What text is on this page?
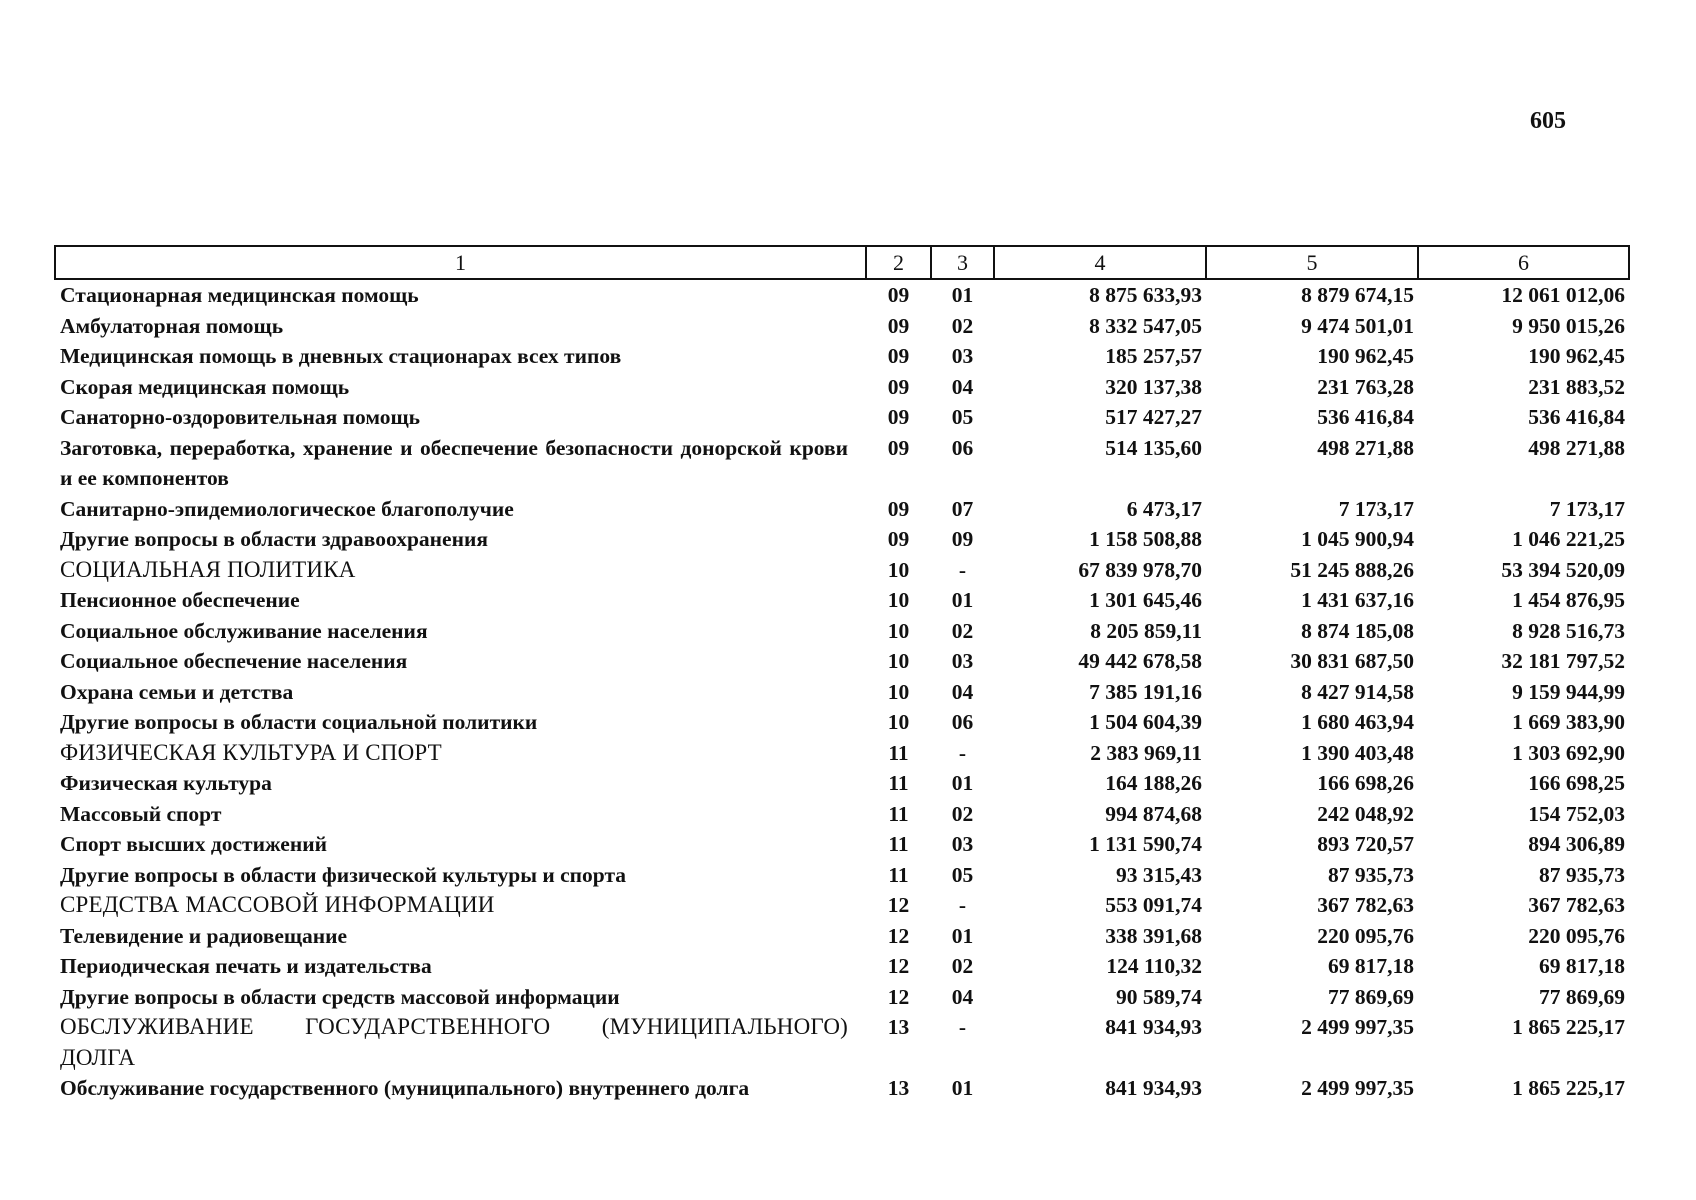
605
1	2	3	4	5	6
Стационарная медицинская помощь	09	01	8 875 633,93	8 879 674,15	12 061 012,06
Амбулаторная помощь	09	02	8 332 547,05	9 474 501,01	9 950 015,26
Медицинская помощь в дневных стационарах всех типов	09	03	185 257,57	190 962,45	190 962,45
Скорая медицинская помощь	09	04	320 137,38	231 763,28	231 883,52
Санаторно-оздоровительная помощь	09	05	517 427,27	536 416,84	536 416,84
Заготовка, переработка, хранение и обеспечение безопасности донорской крови и ее компонентов	09	06	514 135,60	498 271,88	498 271,88
Санитарно-эпидемиологическое благополучие	09	07	6 473,17	7 173,17	7 173,17
Другие вопросы в области здравоохранения	09	09	1 158 508,88	1 045 900,94	1 046 221,25
СОЦИАЛЬНАЯ ПОЛИТИКА	10	-	67 839 978,70	51 245 888,26	53 394 520,09
Пенсионное обеспечение	10	01	1 301 645,46	1 431 637,16	1 454 876,95
Социальное обслуживание населения	10	02	8 205 859,11	8 874 185,08	8 928 516,73
Социальное обеспечение населения	10	03	49 442 678,58	30 831 687,50	32 181 797,52
Охрана семьи и детства	10	04	7 385 191,16	8 427 914,58	9 159 944,99
Другие вопросы в области социальной политики	10	06	1 504 604,39	1 680 463,94	1 669 383,90
ФИЗИЧЕСКАЯ КУЛЬТУРА И СПОРТ	11	-	2 383 969,11	1 390 403,48	1 303 692,90
Физическая культура	11	01	164 188,26	166 698,26	166 698,25
Массовый спорт	11	02	994 874,68	242 048,92	154 752,03
Спорт высших достижений	11	03	1 131 590,74	893 720,57	894 306,89
Другие вопросы в области физической культуры и спорта	11	05	93 315,43	87 935,73	87 935,73
СРЕДСТВА МАССОВОЙ ИНФОРМАЦИИ	12	-	553 091,74	367 782,63	367 782,63
Телевидение и радиовещание	12	01	338 391,68	220 095,76	220 095,76
Периодическая печать и издательства	12	02	124 110,32	69 817,18	69 817,18
Другие вопросы в области средств массовой информации	12	04	90 589,74	77 869,69	77 869,69
ОБСЛУЖИВАНИЕ ГОСУДАРСТВЕННОГО (МУНИЦИПАЛЬНОГО) ДОЛГА	13	-	841 934,93	2 499 997,35	1 865 225,17
Обслуживание государственного (муниципального) внутреннего долга	13	01	841 934,93	2 499 997,35	1 865 225,17
